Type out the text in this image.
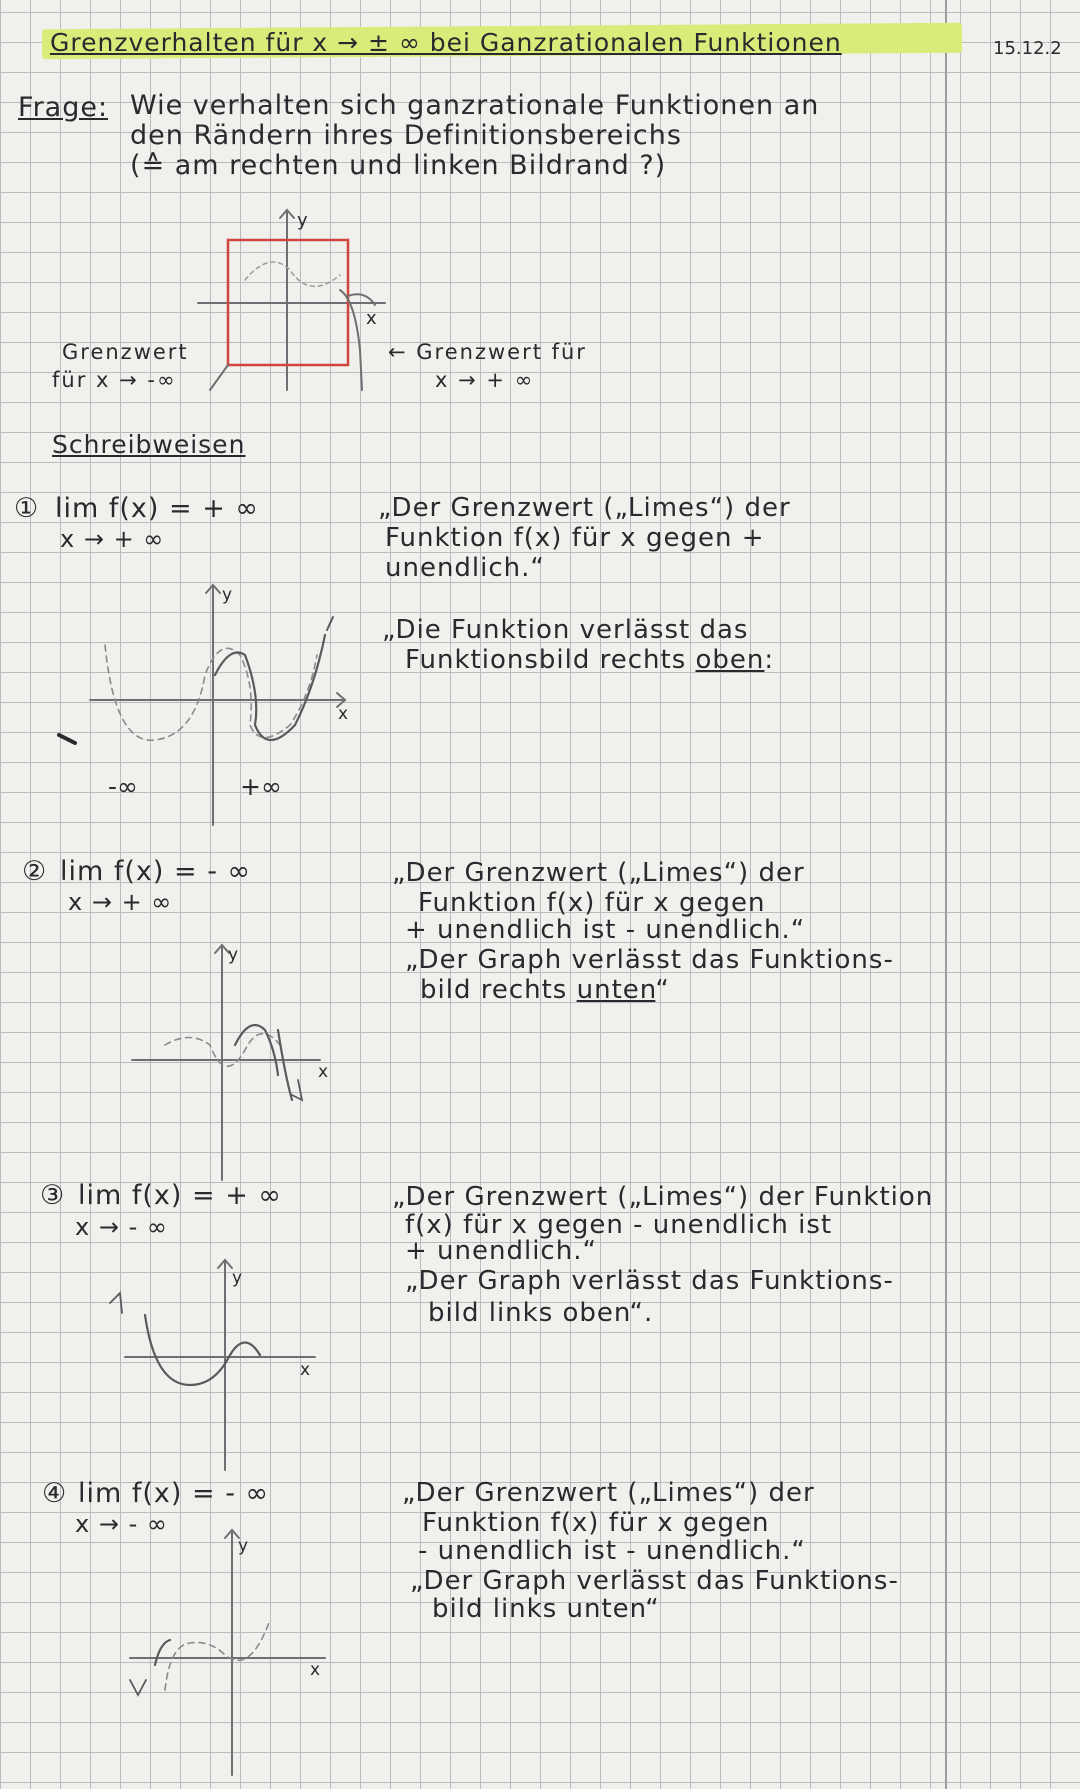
Grenzverhalten für x → ± ∞ bei Ganzrationalen Funktionen	15.12.2
Frage: Wie verhalten sich ganzrationale Funktionen an
den Rändern ihres Definitionsbereichs
(≙ am rechten und linken Bildrand ?)
y
x
Grenzwert
für x → -∞
← Grenzwert für
x → + ∞
Schreibweisen
① lim f(x) = + ∞
x → + ∞
„Der Grenzwert („Limes“) der
Funktion f(x) für x gegen +
unendlich.“
„Die Funktion verlässt das
Funktionsbild rechts oben:
y
x
-∞	+∞
② lim f(x) = - ∞
x → + ∞
„Der Grenzwert („Limes“) der
Funktion f(x) für x gegen
+ unendlich ist - unendlich.“
„Der Graph verlässt das Funktions-
bild rechts unten“
y
x
③ lim f(x) = + ∞
x → - ∞
„Der Grenzwert („Limes“) der Funktion
f(x) für x gegen - unendlich ist
+ unendlich.“
„Der Graph verlässt das Funktions-
bild links oben“.
y
x
④ lim f(x) = - ∞
x → - ∞
„Der Grenzwert („Limes“) der
Funktion f(x) für x gegen
- unendlich ist - unendlich.“
„Der Graph verlässt das Funktions-
bild links unten“
y
x
